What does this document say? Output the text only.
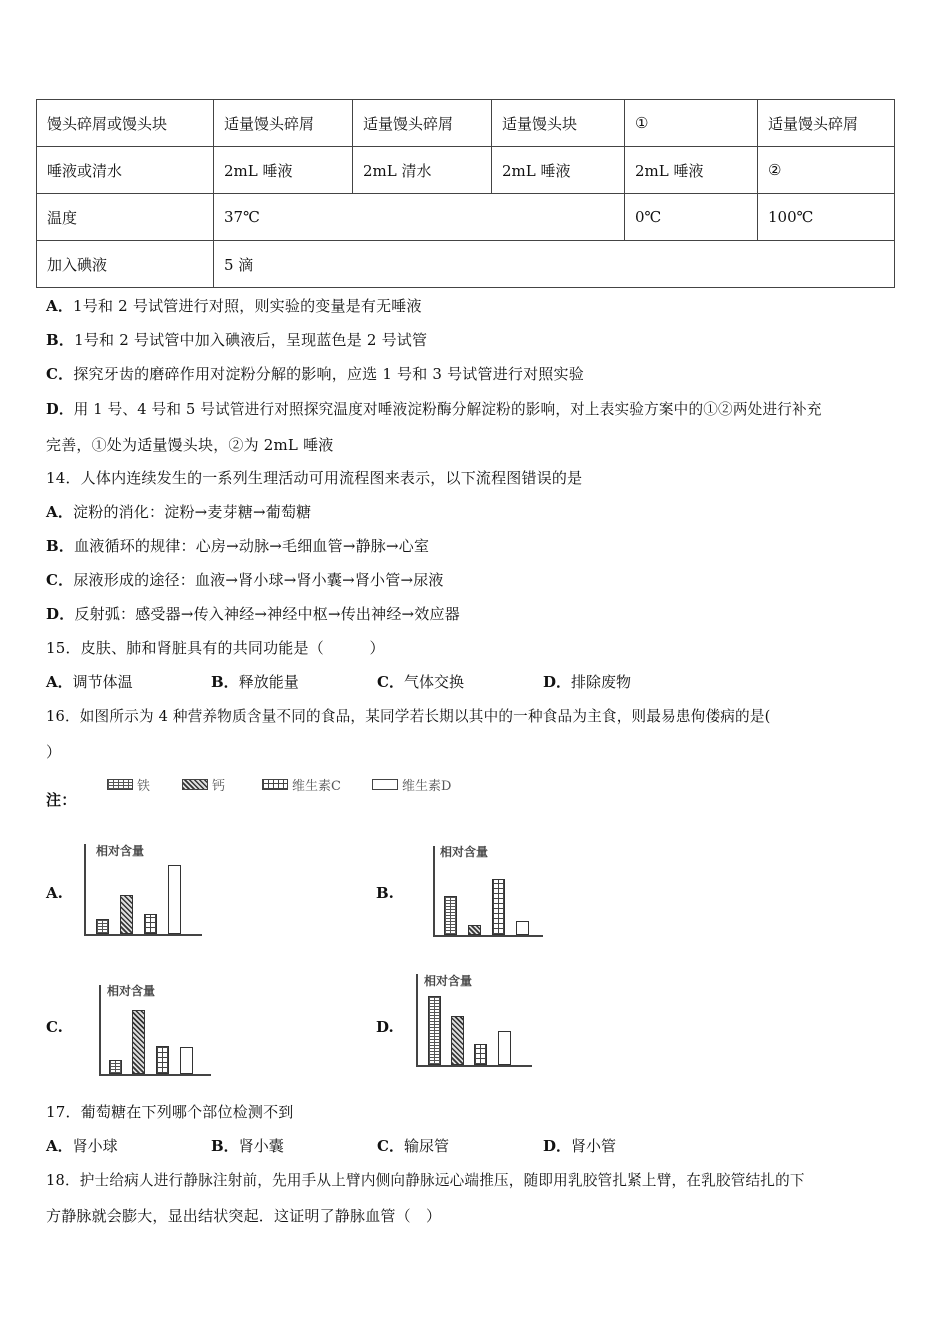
馒头碎屑或馒头块	适量馒头碎屑	适量馒头碎屑	适量馒头块	①	适量馒头碎屑
唾液或清水	2mL 唾液	2mL 清水	2mL 唾液	2mL 唾液	②
温度	37℃			0℃	100℃
加入碘液	5 滴				
A．1号和 2 号试管进行对照，则实验的变量是有无唾液
B．1号和 2 号试管中加入碘液后，呈现蓝色是 2 号试管
C．探究牙齿的磨碎作用对淀粉分解的影响，应选 1 号和 3 号试管进行对照实验
D．用 1 号、4 号和 5 号试管进行对照探究温度对唾液淀粉酶分解淀粉的影响，对上表实验方案中的①②两处进行补充
完善，①处为适量馒头块，②为 2mL 唾液
14．人体内连续发生的一系列生理活动可用流程图来表示，以下流程图错误的是
A．淀粉的消化：淀粉→麦芽糖→葡萄糖
B．血液循环的规律：心房→动脉→毛细血管→静脉→心室
C．尿液形成的途径：血液→肾小球→肾小囊→肾小管→尿液
D．反射弧：感受器→传入神经→神经中枢→传出神经→效应器
15．皮肤、肺和肾脏具有的共同功能是（　　　）
A．调节体温	B．释放能量	C．气体交换	D．排除废物
16．如图所示为 4 种营养物质含量不同的食品，某同学若长期以其中的一种食品为主食，则最易患佝偻病的是(
）
注：
铁	钙	维生素C	维生素D
A.
相对含量
B.
相对含量
C.
相对含量
D.
相对含量
17．葡萄糖在下列哪个部位检测不到
A．肾小球	B．肾小囊	C．输尿管	D．肾小管
18．护士给病人进行静脉注射前，先用手从上臂内侧向静脉远心端推压，随即用乳胶管扎紧上臂，在乳胶管结扎的下
方静脉就会膨大，显出结状突起．这证明了静脉血管（　）
